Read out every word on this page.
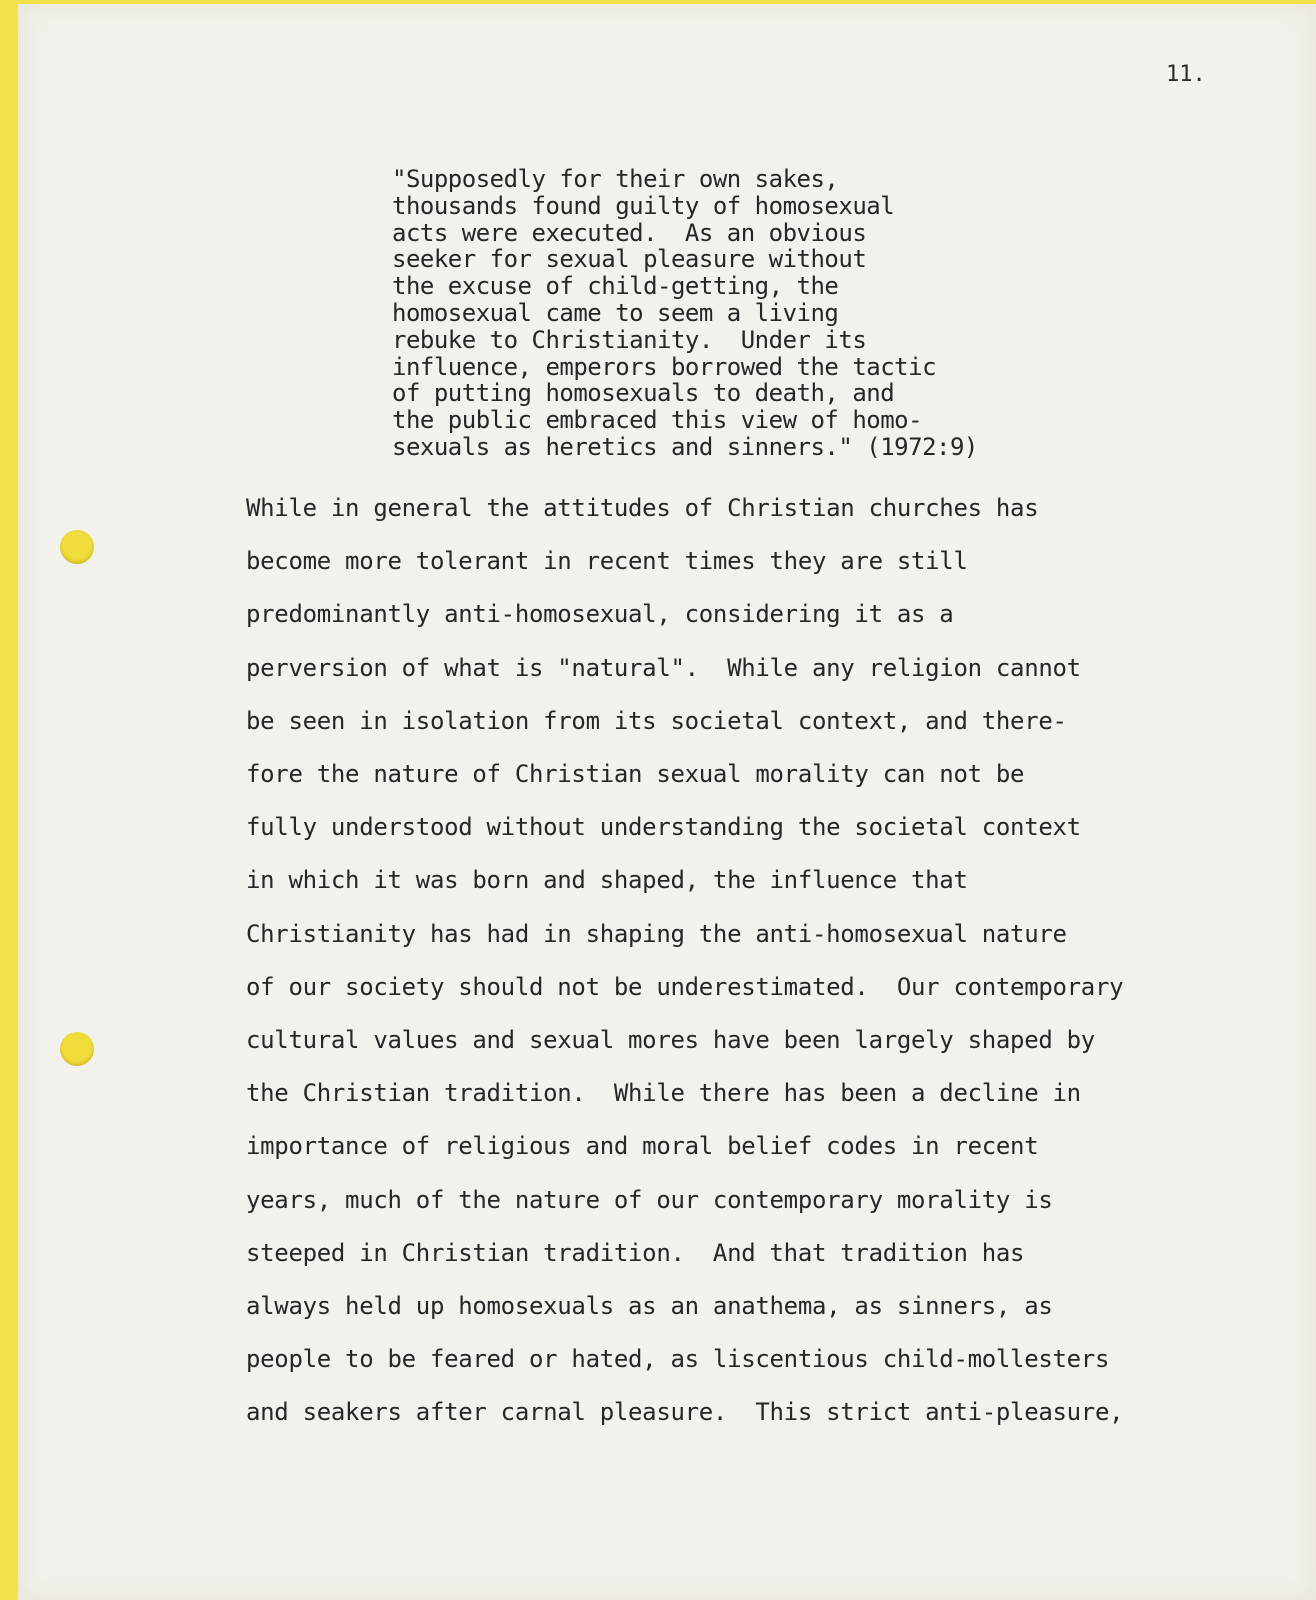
11.
"Supposedly for their own sakes,
thousands found guilty of homosexual
acts were executed.  As an obvious
seeker for sexual pleasure without
the excuse of child-getting, the
homosexual came to seem a living
rebuke to Christianity.  Under its
influence, emperors borrowed the tactic
of putting homosexuals to death, and
the public embraced this view of homo-
sexuals as heretics and sinners." (1972:9)
While in general the attitudes of Christian churches has
become more tolerant in recent times they are still
predominantly anti-homosexual, considering it as a
perversion of what is "natural".  While any religion cannot
be seen in isolation from its societal context, and there-
fore the nature of Christian sexual morality can not be
fully understood without understanding the societal context
in which it was born and shaped, the influence that
Christianity has had in shaping the anti-homosexual nature
of our society should not be underestimated.  Our contemporary
cultural values and sexual mores have been largely shaped by
the Christian tradition.  While there has been a decline in
importance of religious and moral belief codes in recent
years, much of the nature of our contemporary morality is
steeped in Christian tradition.  And that tradition has
always held up homosexuals as an anathema, as sinners, as
people to be feared or hated, as liscentious child-mollesters
and seakers after carnal pleasure.  This strict anti-pleasure,
